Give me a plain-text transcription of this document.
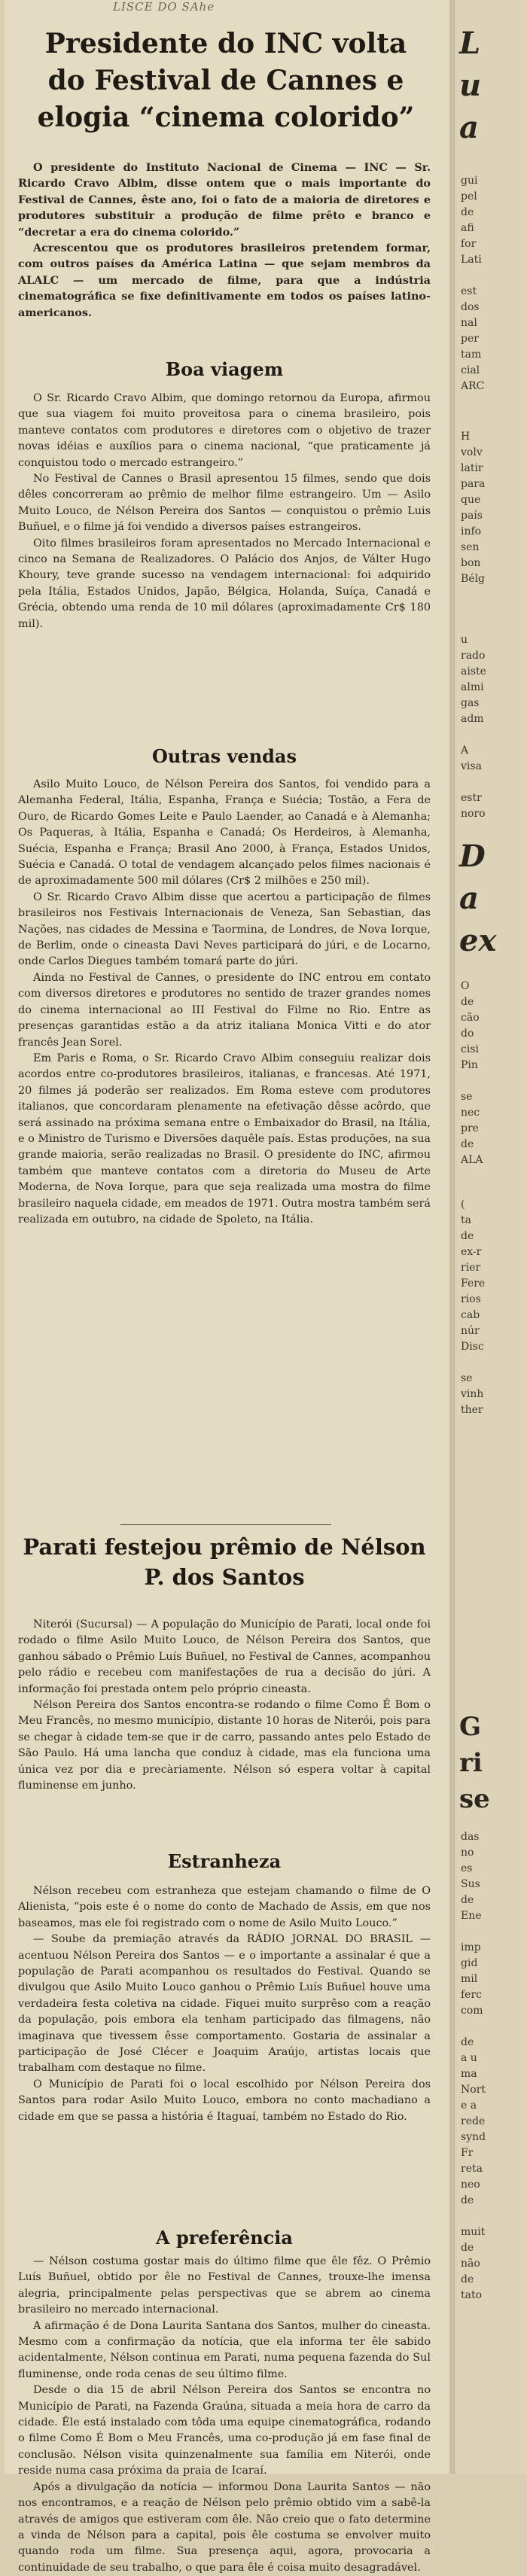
LISCE DO SAhe
Presidente do INC volta
do Festival de Cannes e
elogia “cinema colorido”

O presidente do Instituto Nacional de Cinema — INC — Sr. Ricardo Cravo Albim, disse ontem que o mais importante do Festival de Cannes, êste ano, foi o fato de a maioria de diretores e produtores substituir a produção de filme prêto e branco e “decretar a era do cinema colorido.”

Acrescentou que os produtores brasileiros pretendem formar, com outros países da América Latina — que sejam membros da ALALC — um mercado de filme, para que a indústria cinematográfica se fixe definitivamente em todos os países latino-americanos.

Boa viagem

O Sr. Ricardo Cravo Albim, que domingo retornou da Europa, afirmou que sua viagem foi muito proveitosa para o cinema brasileiro, pois manteve contatos com produtores e diretores com o objetivo de trazer novas idéias e auxílios para o cinema nacional, “que praticamente já conquistou todo o mercado estrangeiro.”

No Festival de Cannes o Brasil apresentou 15 filmes, sendo que dois dêles concorreram ao prêmio de melhor filme estrangeiro. Um — Asilo Muito Louco, de Nélson Pereira dos Santos — conquistou o prêmio Luis Buñuel, e o filme já foi vendido a diversos países estrangeiros.

Oito filmes brasileiros foram apresentados no Mercado Internacional e cinco na Semana de Realizadores. O Palácio dos Anjos, de Válter Hugo Khoury, teve grande sucesso na vendagem internacional: foi adquirido pela Itália, Estados Unidos, Japão, Bélgica, Holanda, Suíça, Canadá e Grécia, obtendo uma renda de 10 mil dólares (aproximadamente Cr$ 180 mil).

Outras vendas

Asilo Muito Louco, de Nélson Pereira dos Santos, foi vendido para a Alemanha Federal, Itália, Espanha, França e Suécia; Tostão, a Fera de Ouro, de Ricardo Gomes Leite e Paulo Laender, ao Canadá e à Alemanha; Os Paqueras, à Itália, Espanha e Canadá; Os Herdeiros, à Alemanha, Suécia, Espanha e França; Brasil Ano 2000, à França, Estados Unidos, Suécia e Canadá. O total de vendagem alcançado pelos filmes nacionais é de aproximadamente 500 mil dólares (Cr$ 2 milhões e 250 mil).

O Sr. Ricardo Cravo Albim disse que acertou a participação de filmes brasileiros nos Festivais Internacionais de Veneza, San Sebastian, das Nações, nas cidades de Messina e Taormina, de Londres, de Nova Iorque, de Berlim, onde o cineasta Davi Neves participará do júri, e de Locarno, onde Carlos Diegues também tomará parte do júri.

Ainda no Festival de Cannes, o presidente do INC entrou em contato com diversos diretores e produtores no sentido de trazer grandes nomes do cinema internacional ao III Festival do Filme no Rio. Entre as presenças garantidas estão a da atriz italiana Monica Vitti e do ator francês Jean Sorel.

Em Paris e Roma, o Sr. Ricardo Cravo Albim conseguiu realizar dois acordos entre co-produtores brasileiros, italianas, e francesas. Até 1971, 20 filmes já poderão ser realizados. Em Roma esteve com produtores italianos, que concordaram plenamente na efetivação dêsse acôrdo, que será assinado na próxima semana entre o Embaixador do Brasil, na Itália, e o Ministro de Turismo e Diversões daquêle país. Estas produções, na sua grande maioria, serão realizadas no Brasil. O presidente do INC, afirmou também que manteve contatos com a diretoria do Museu de Arte Moderna, de Nova Iorque, para que seja realizada uma mostra do filme brasileiro naquela cidade, em meados de 1971. Outra mostra também será realizada em outubro, na cidade de Spoleto, na Itália.

Parati festejou prêmio de Nélson P. dos Santos

Niterói (Sucursal) — A população do Município de Parati, local onde foi rodado o filme Asilo Muito Louco, de Nélson Pereira dos Santos, que ganhou sábado o Prêmio Luís Buñuel, no Festival de Cannes, acompanhou pelo rádio e recebeu com manifestações de rua a decisão do júri. A informação foi prestada ontem pelo próprio cineasta.

Nélson Pereira dos Santos encontra-se rodando o filme Como É Bom o Meu Francês, no mesmo município, distante 10 horas de Niterói, pois para se chegar à cidade tem-se que ir de carro, passando antes pelo Estado de São Paulo. Há uma lancha que conduz à cidade, mas ela funciona uma única vez por dia e precàriamente. Nélson só espera voltar à capital fluminense em junho.

Estranheza

Nélson recebeu com estranheza que estejam chamando o filme de O Alienista, “pois este é o nome do conto de Machado de Assis, em que nos baseamos, mas ele foi registrado com o nome de Asilo Muito Louco.”

— Soube da premiação através da RÁDIO JORNAL DO BRASIL — acentuou Nélson Pereira dos Santos — e o importante a assinalar é que a população de Parati acompanhou os resultados do Festival. Quando se divulgou que Asilo Muito Louco ganhou o Prêmio Luís Buñuel houve uma verdadeira festa coletiva na cidade. Fiquei muito surprêso com a reação da população, pois embora ela tenham participado das filmagens, não imaginava que tivessem êsse comportamento. Gostaria de assinalar a participação de José Clécer e Joaquim Araújo, artistas locais que trabalham com destaque no filme.

O Município de Parati foi o local escolhido por Nélson Pereira dos Santos para rodar Asilo Muito Louco, embora no conto machadiano a cidade em que se passa a história é Itaguaí, também no Estado do Rio.

A preferência

— Nélson costuma gostar mais do último filme que êle fêz. O Prêmio Luís Buñuel, obtido por êle no Festival de Cannes, trouxe-lhe imensa alegria, principalmente pelas perspectivas que se abrem ao cinema brasileiro no mercado internacional.

A afirmação é de Dona Laurita Santana dos Santos, mulher do cineasta. Mesmo com a confirmação da notícia, que ela informa ter êle sabido acidentalmente, Nélson continua em Parati, numa pequena fazenda do Sul fluminense, onde roda cenas de seu último filme.

Desde o dia 15 de abril Nélson Pereira dos Santos se encontra no Município de Parati, na Fazenda Graúna, situada a meia hora de carro da cidade. Êle está instalado com tôda uma equipe cinematográfica, rodando o filme Como É Bom o Meu Francês, uma co-produção já em fase final de conclusão. Nélson visita quinzenalmente sua família em Niterói, onde reside numa casa próxima da praia de Icaraí.

Após a divulgação da notícia — informou Dona Laurita Santos — não nos encontramos, e a reação de Nélson pelo prêmio obtido vim a sabê-la através de amigos que estiveram com êle. Não creio que o fato determine a vinda de Nélson para a capital, pois êle costuma se envolver muito quando roda um filme. Sua presença aqui, agora, provocaria a continuidade de seu trabalho, o que para êle é coisa muito desagradável.

L
u
a
gui
pel
de
afi
for
Lati

est
dos
nal
per
tam
cial
ARC
H
volv
latir
para
que
país
info
sen
bon
Bélg
u
rado
aiste
almi
gas
adm

A
visa

estr
noro
D
a
ex
O
de
cão
do
cisi
Pin

se
nec
pre
de
ALA
(
ta
de
ex-r
rier
Fere
rios
cab
núr
Disc

se
vinh
ther
G
ri
se
das
no
es
Sus
de
Ene

imp
gid
mil
ferc
com

de
a u
ma
Nort
e a
rede
synd
Fr
reta
neo
de

muit
de
não
de
tato
